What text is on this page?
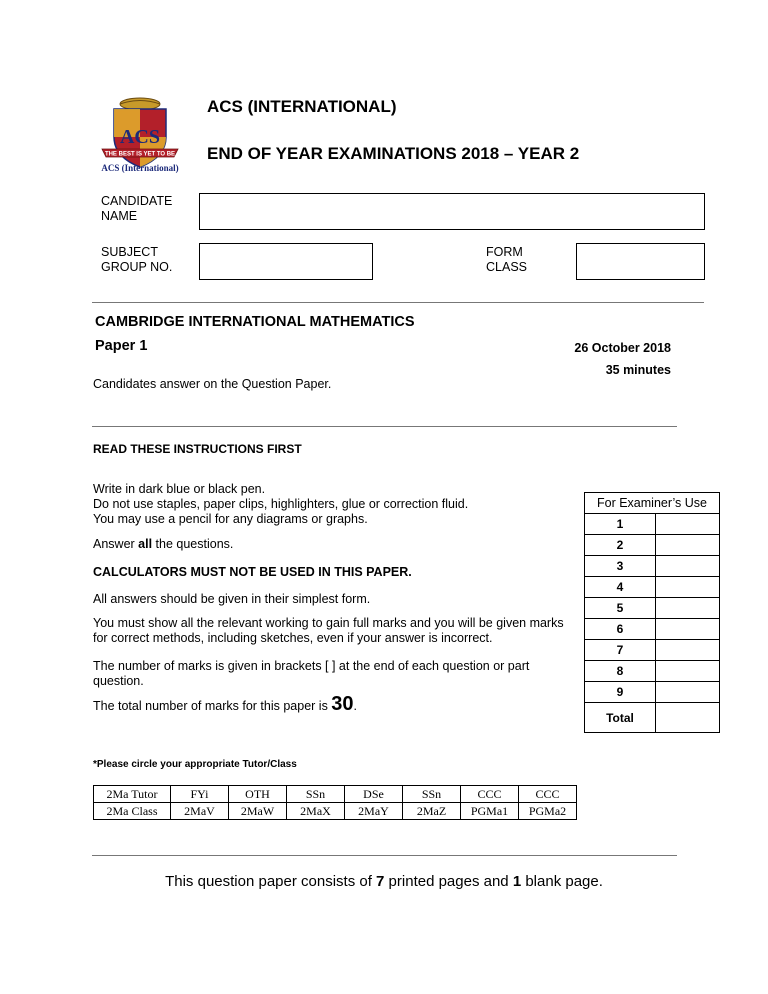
ACS
THE BEST IS YET TO BE
ACS (International)
ACS (INTERNATIONAL)
END OF YEAR EXAMINATIONS 2018 – YEAR 2
CANDIDATE
NAME
SUBJECT
GROUP NO.
FORM
CLASS
CAMBRIDGE INTERNATIONAL MATHEMATICS
Paper 1	26 October 2018
35 minutes
Candidates answer on the Question Paper.
READ THESE INSTRUCTIONS FIRST
Write in dark blue or black pen.
Do not use staples, paper clips, highlighters, glue or correction fluid.
You may use a pencil for any diagrams or graphs.
Answer all the questions.
CALCULATORS MUST NOT BE USED IN THIS PAPER.
All answers should be given in their simplest form.
You must show all the relevant working to gain full marks and you will be given marks for correct methods, including sketches, even if your answer is incorrect.
The number of marks is given in brackets [ ] at the end of each question or part question.
The total number of marks for this paper is 30.
For Examiner’s Use	
1	
2	
3	
4	
5	
6	
7	
8	
9	
Total	
*Please circle your appropriate Tutor/Class
2Ma Tutor	FYi	OTH	SSn	DSe	SSn	CCC	CCC
2Ma Class	2MaV	2MaW	2MaX	2MaY	2MaZ	PGMa1	PGMa2
This question paper consists of 7 printed pages and 1 blank page.
